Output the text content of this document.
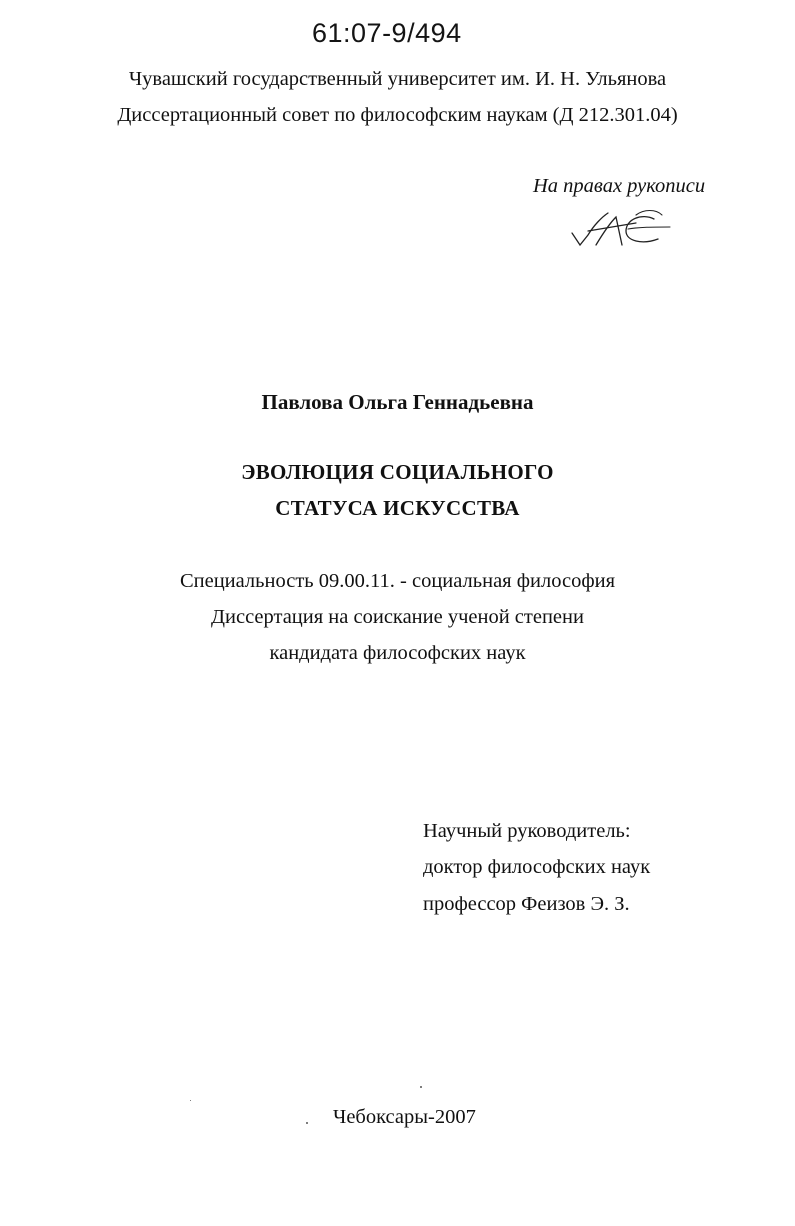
61:07-9/494
Чувашский государственный университет им. И. Н. Ульянова
Диссертационный совет по философским наукам (Д 212.301.04)
На правах рукописи
Павлова Ольга Геннадьевна
ЭВОЛЮЦИЯ СОЦИАЛЬНОГО
СТАТУСА ИСКУССТВА
Специальность 09.00.11. - социальная философия
Диссертация на соискание ученой степени
кандидата философских наук
Научный руководитель:
доктор философских наук
профессор Феизов Э. З.
Чебоксары-2007
